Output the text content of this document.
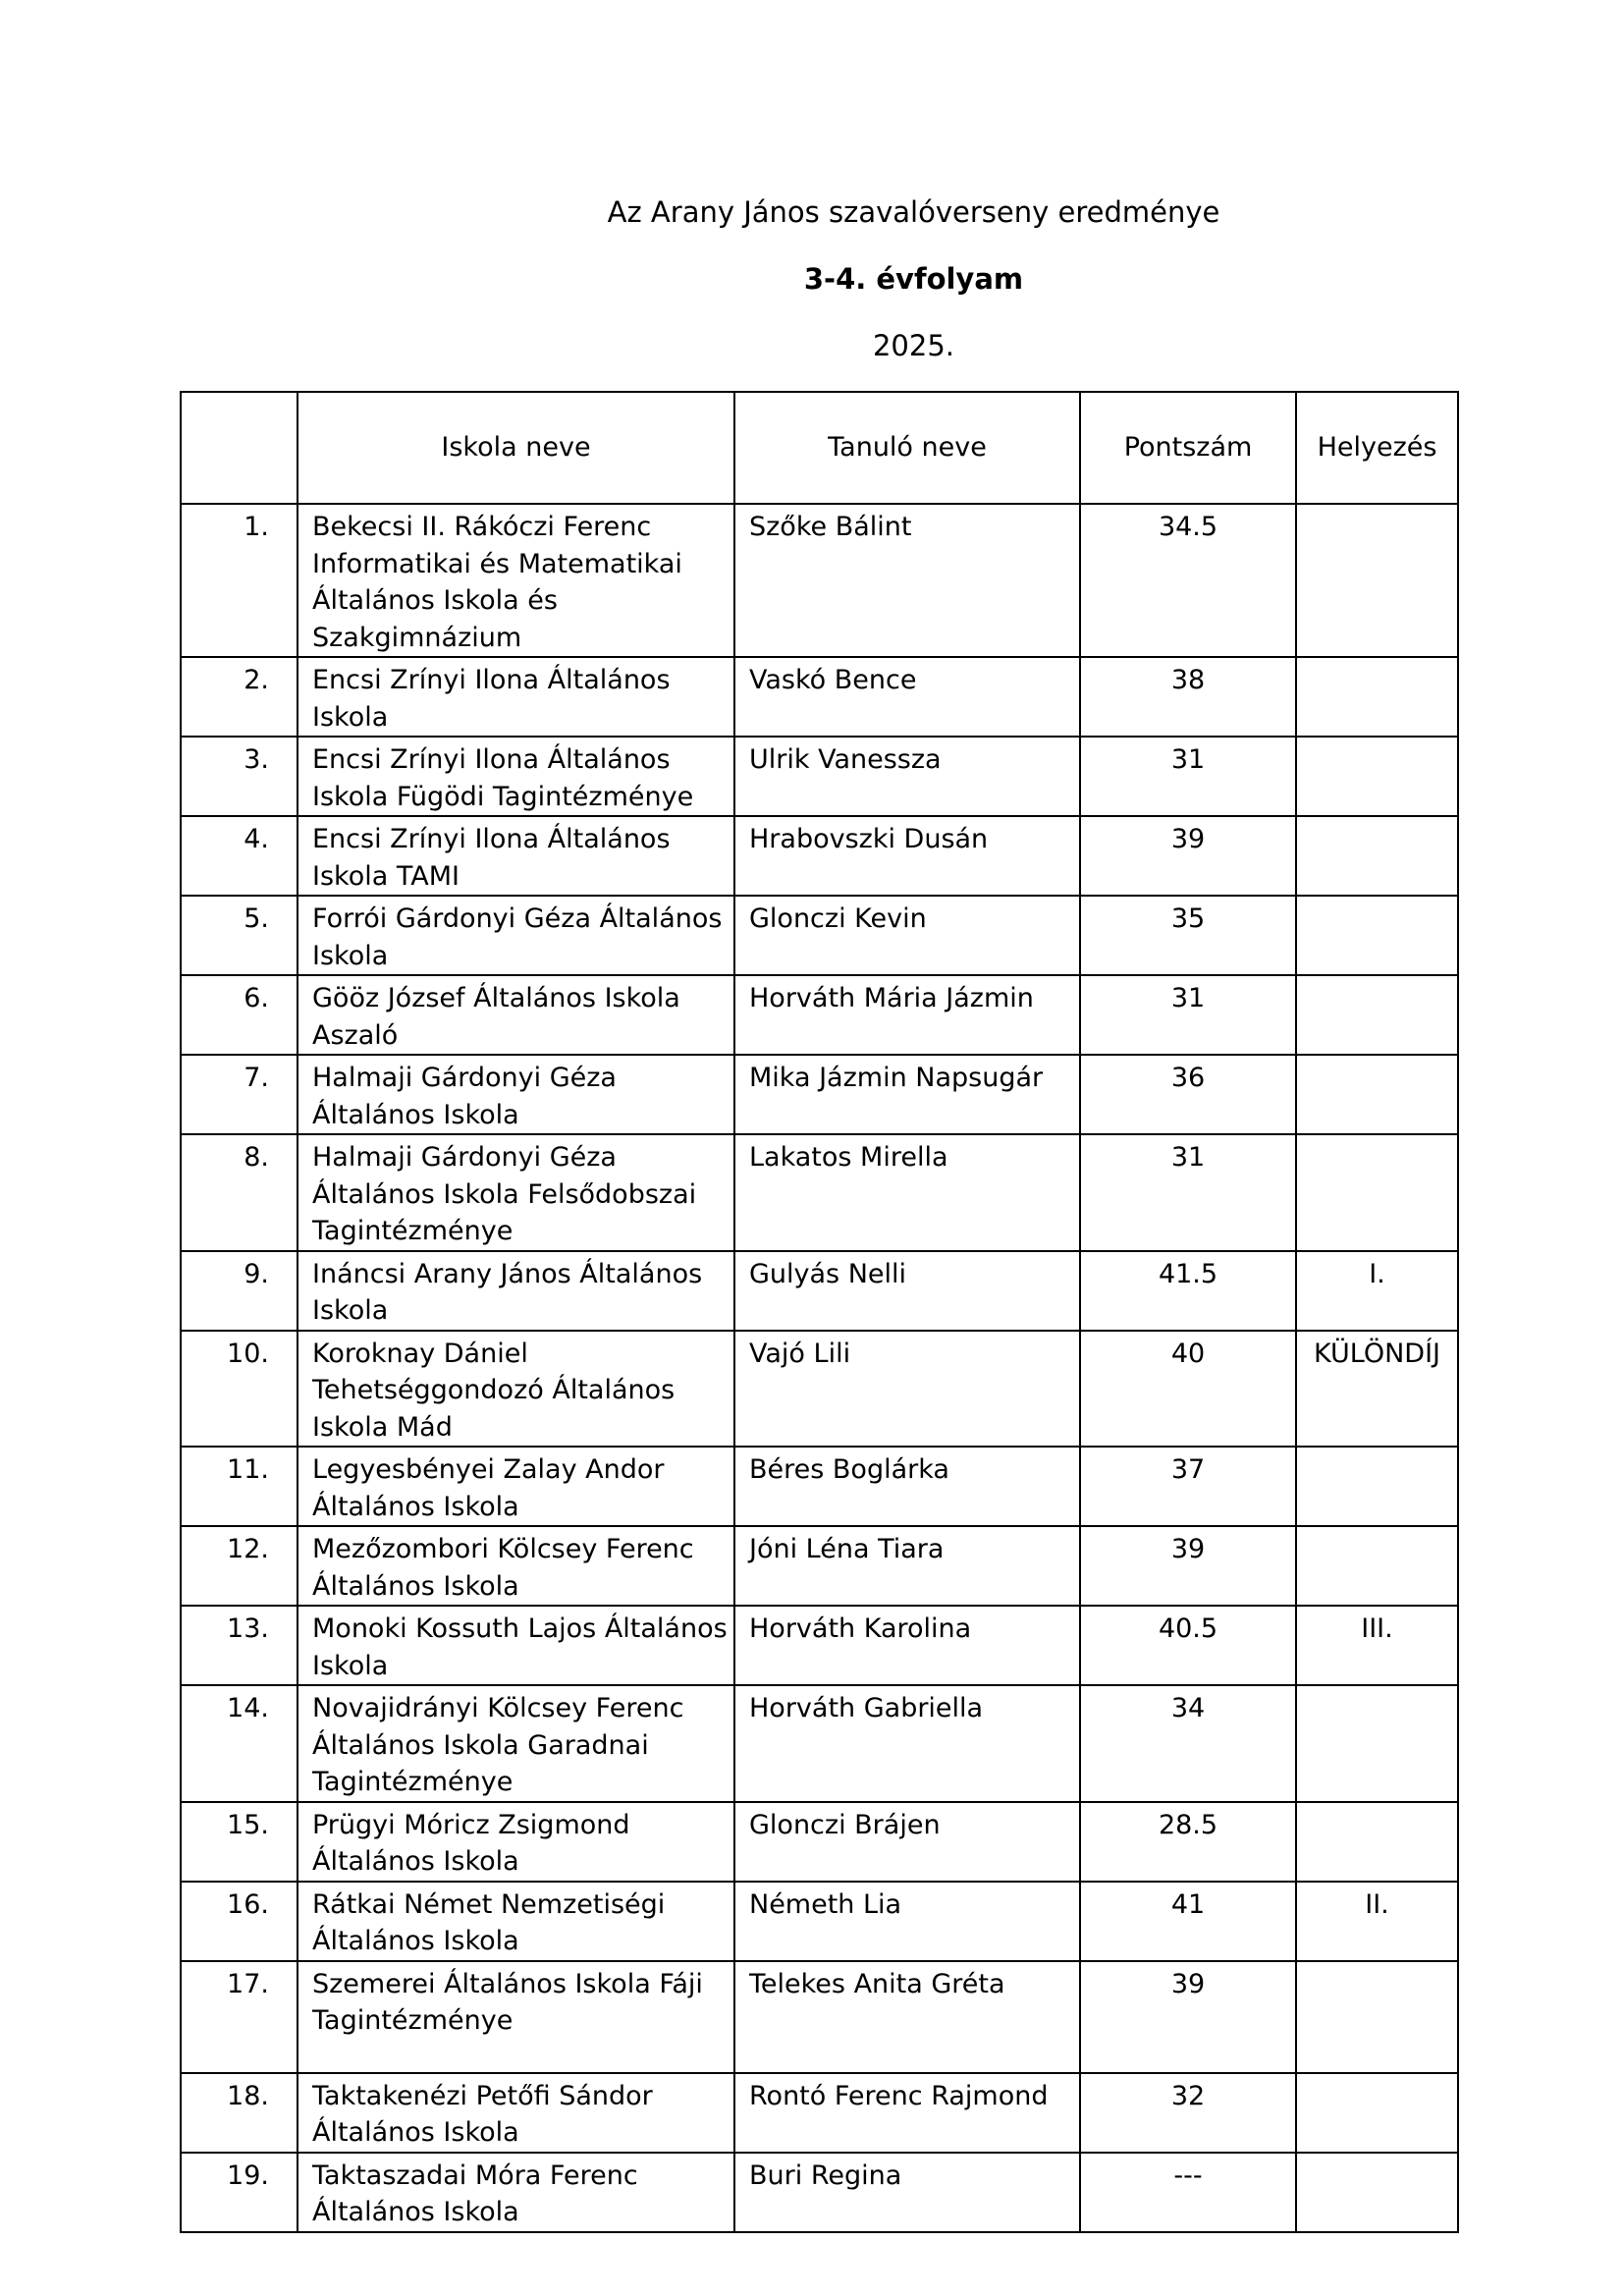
Az Arany János szavalóverseny eredménye
3-4. évfolyam
2025.
	Iskola neve	Tanuló neve	Pontszám	Helyezés
1.	Bekecsi II. Rákóczi Ferenc Informatikai és Matematikai Általános Iskola és Szakgimnázium	Szőke Bálint	34.5	
2.	Encsi Zrínyi Ilona Általános Iskola	Vaskó Bence	38	
3.	Encsi Zrínyi Ilona Általános Iskola Fügödi Tagintézménye	Ulrik Vanessza	31	
4.	Encsi Zrínyi Ilona Általános Iskola TAMI	Hrabovszki Dusán	39	
5.	Forrói Gárdonyi Géza Általános Iskola	Glonczi Kevin	35	
6.	Gööz József Általános Iskola Aszaló	Horváth Mária Jázmin	31	
7.	Halmaji Gárdonyi Géza Általános Iskola	Mika Jázmin Napsugár	36	
8.	Halmaji Gárdonyi Géza Általános Iskola Felsődobszai Tagintézménye	Lakatos Mirella	31	
9.	Ináncsi Arany János Általános Iskola	Gulyás Nelli	41.5	I.
10.	Koroknay Dániel Tehetséggondozó Általános Iskola Mád	Vajó Lili	40	KÜLÖNDÍJ
11.	Legyesbényei Zalay Andor Általános Iskola	Béres Boglárka	37	
12.	Mezőzombori Kölcsey Ferenc Általános Iskola	Jóni Léna Tiara	39	
13.	Monoki Kossuth Lajos Általános Iskola	Horváth Karolina	40.5	III.
14.	Novajidrányi Kölcsey Ferenc Általános Iskola Garadnai Tagintézménye	Horváth Gabriella	34	
15.	Prügyi Móricz Zsigmond Általános Iskola	Glonczi Brájen	28.5	
16.	Rátkai Német Nemzetiségi Általános Iskola	Németh Lia	41	II.
17.	Szemerei Általános Iskola Fáji Tagintézménye	Telekes Anita Gréta	39	
18.	Taktakenézi Petőfi Sándor Általános Iskola	Rontó Ferenc Rajmond	32	
19.	Taktaszadai Móra Ferenc Általános Iskola	Buri Regina	---	
